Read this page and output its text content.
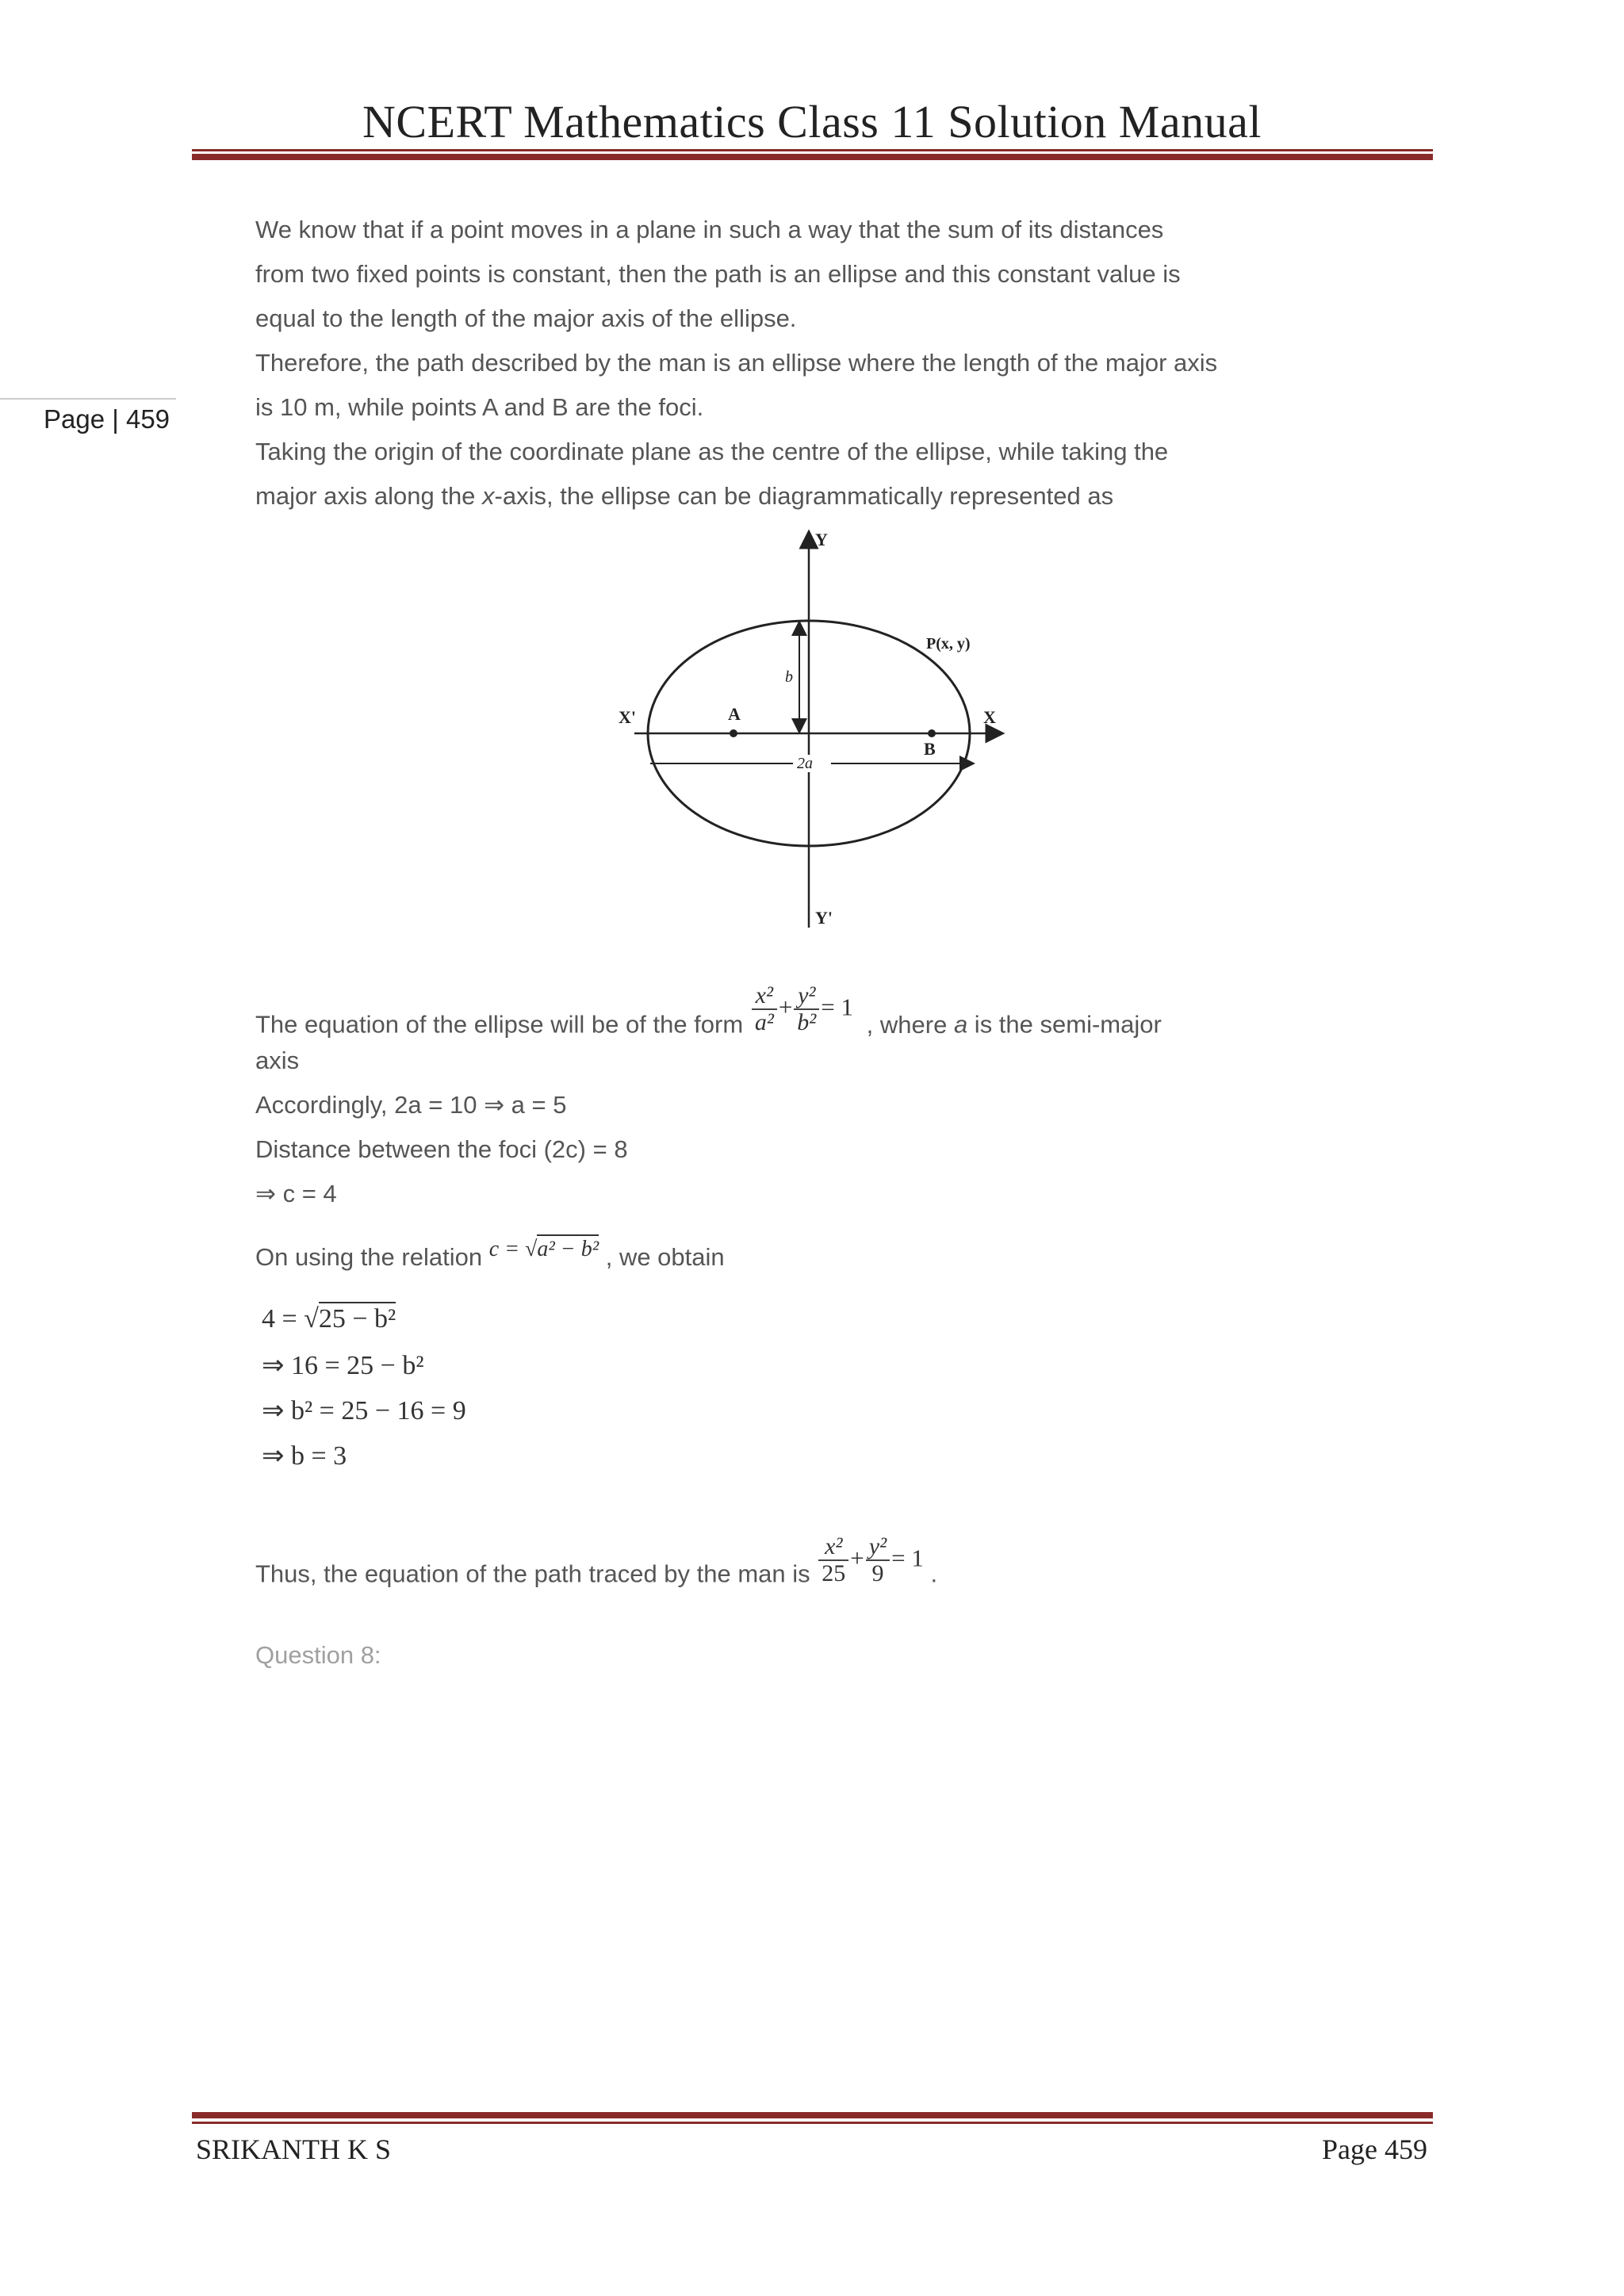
NCERT Mathematics Class 11 Solution Manual
Page | 459
We know that if a point moves in a plane in such a way that the sum of its distances
from two fixed points is constant, then the path is an ellipse and this constant value is
equal to the length of the major axis of the ellipse.
Therefore, the path described by the man is an ellipse where the length of the major axis
is 10 m, while points A and B are the foci.
Taking the origin of the coordinate plane as the centre of the ellipse, while taking the
major axis along the x-axis, the ellipse can be diagrammatically represented as
Y
Y'
X'	X
A
B
P(x, y)
b
2a
The equation of the ellipse will be of the form $\frac{\text{x²}}{\text{a²}} + \frac{\text{y²}}{\text{b²}} = 1$ , where a is the semi-major
axis
Accordingly, 2a = 10 ⇒ a = 5
Distance between the foci (2c) = 8
⇒ c = 4
On using the relation c = √a² − b² , we obtain
4 = √25 − b²
⇒ 16 = 25 − b²
⇒ b² = 25 − 16 = 9
⇒ b = 3
Thus, the equation of the path traced by the man is $\frac{\text{x²}}{25} + \frac{\text{y²}}{9} = 1$ .
Question 8:
SRIKANTH K S	Page 459
